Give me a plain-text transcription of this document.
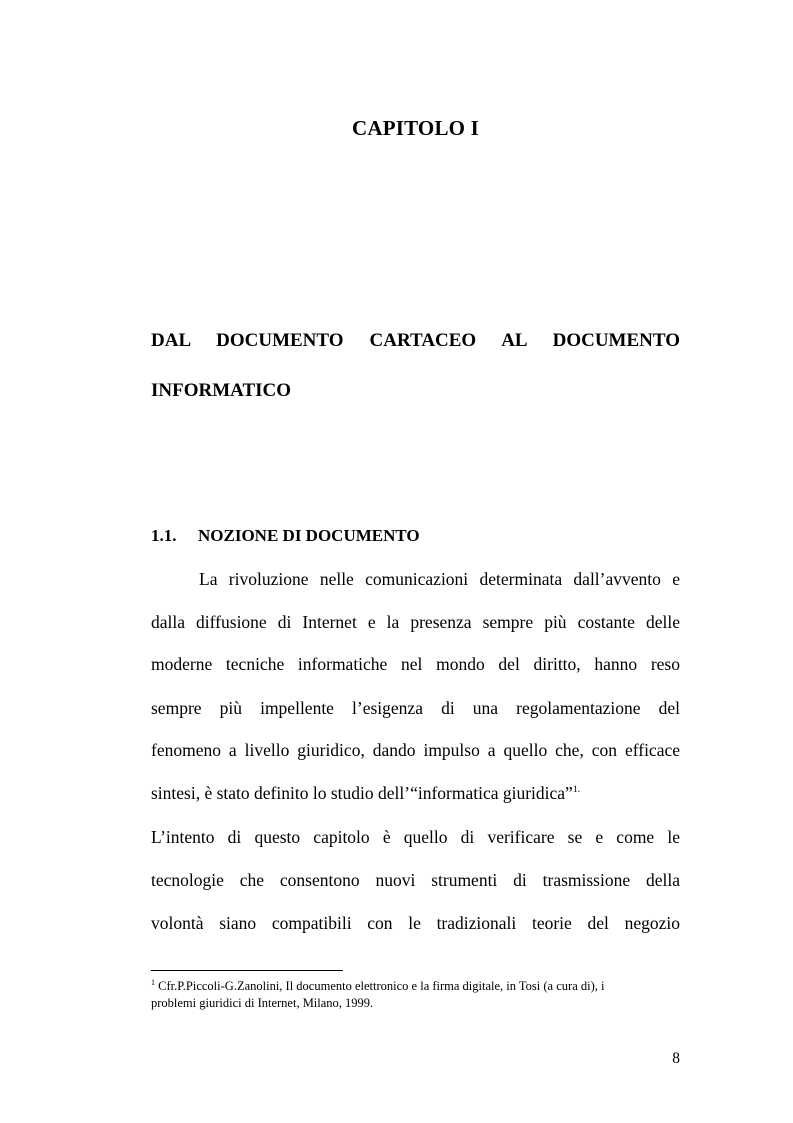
CAPITOLO I
DAL DOCUMENTO CARTACEO AL DOCUMENTO
INFORMATICO
1.1. NOZIONE DI DOCUMENTO

La rivoluzione nelle comunicazioni determinata dall’avvento e

dalla diffusione di Internet e la presenza sempre più costante delle

moderne tecniche informatiche nel mondo del diritto, hanno reso

sempre più impellente l’esigenza di una regolamentazione del

fenomeno a livello giuridico, dando impulso a quello che, con efficace

sintesi, è stato definito lo studio dell’“informatica giuridica”$^{1.}$

L’intento di questo capitolo è quello di verificare se e come le

tecnologie che consentono nuovi strumenti di trasmissione della

volontà siano compatibili con le tradizionali teorie del negozio

$^1$ Cfr.P.Piccoli-G.Zanolini, Il documento elettronico e la firma digitale, in Tosi (a cura di), i

problemi giuridici di Internet, Milano, 1999.

8
